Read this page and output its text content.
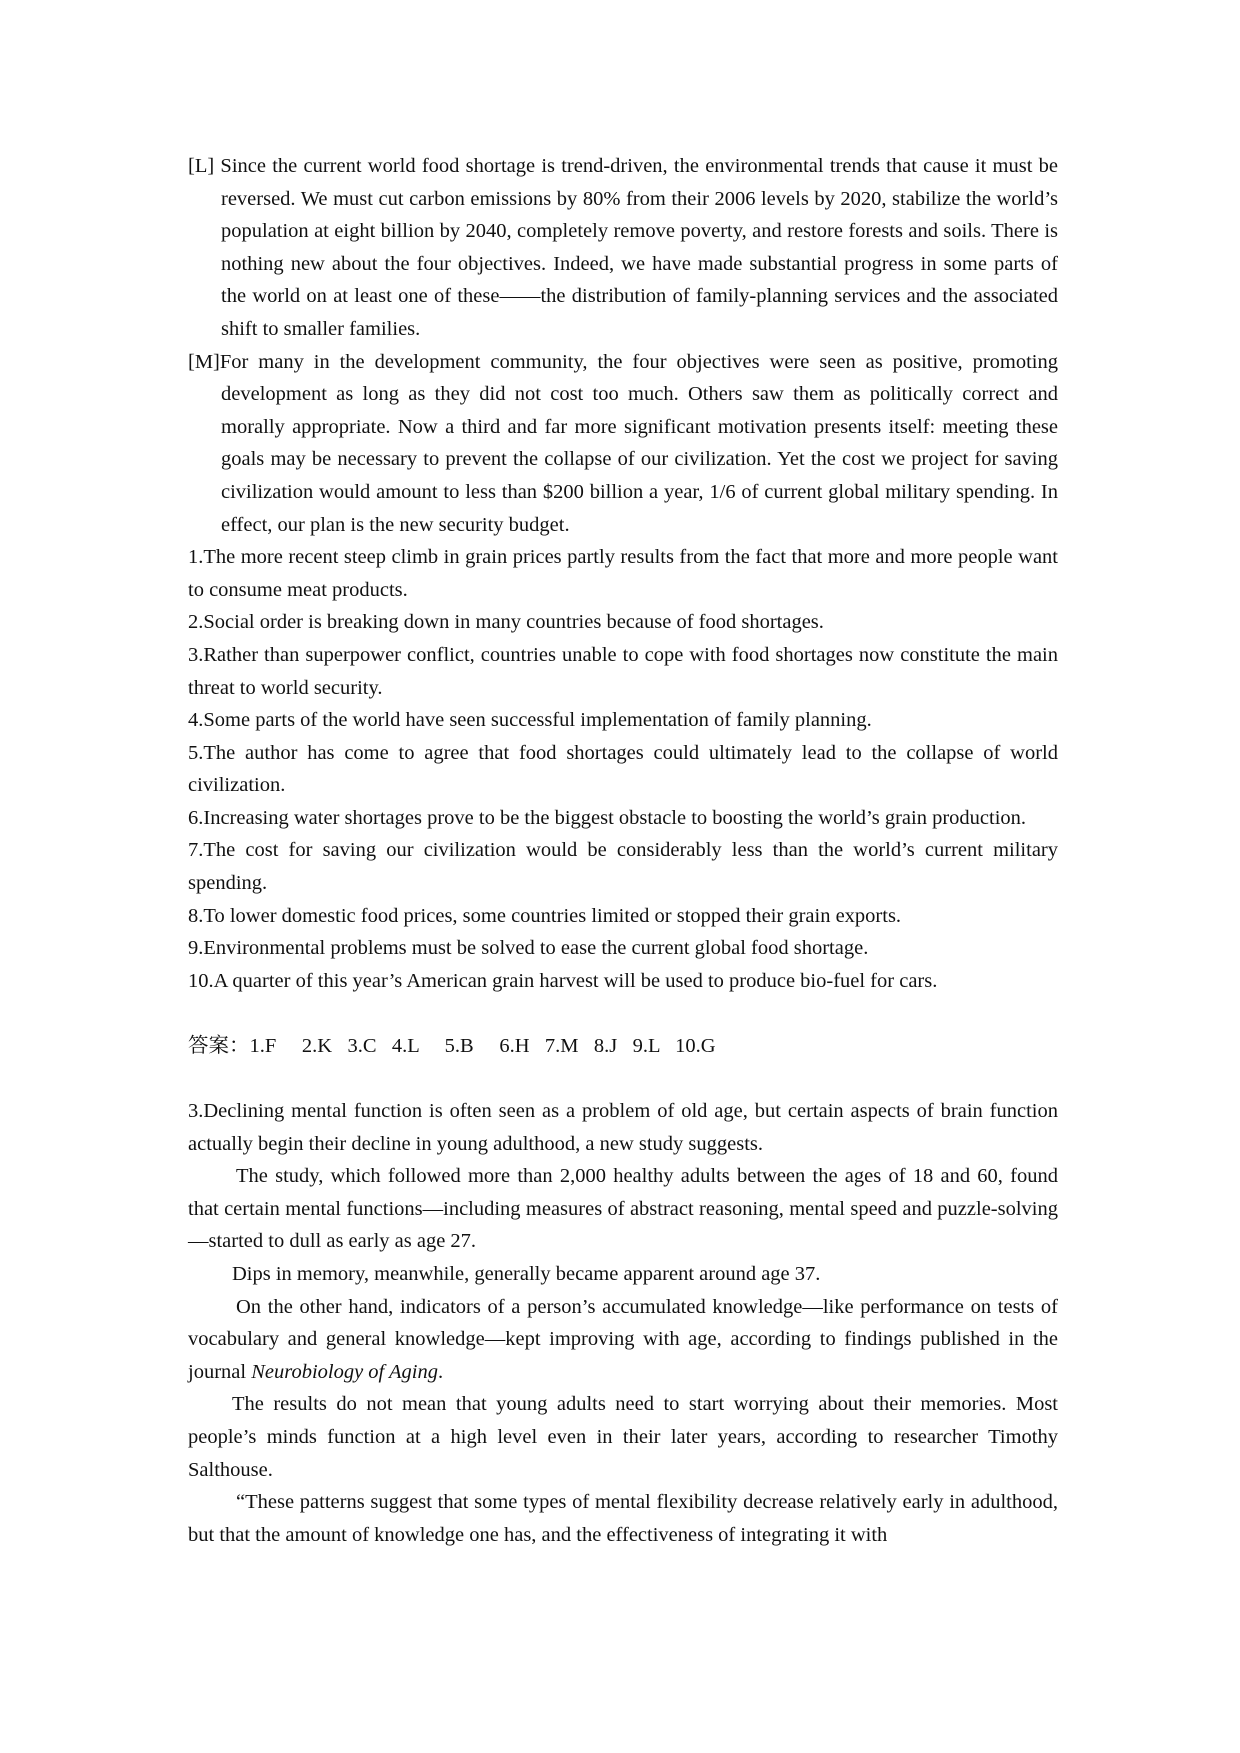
[L] Since the current world food shortage is trend-driven, the environmental trends that cause it must be reversed. We must cut carbon emissions by 80% from their 2006 levels by 2020, stabilize the world’s population at eight billion by 2040, completely remove poverty, and restore forests and soils. There is nothing new about the four objectives. Indeed, we have made substantial progress in some parts of the world on at least one of these——the distribution of family-planning services and the associated shift to smaller families.

[M]For many in the development community, the four objectives were seen as positive, promoting development as long as they did not cost too much. Others saw them as politically correct and morally appropriate. Now a third and far more significant motivation presents itself: meeting these goals may be necessary to prevent the collapse of our civilization. Yet the cost we project for saving civilization would amount to less than $200 billion a year, 1/6 of current global military spending. In effect, our plan is the new security budget.

1.The more recent steep climb in grain prices partly results from the fact that more and more people want to consume meat products.

2.Social order is breaking down in many countries because of food shortages.

3.Rather than superpower conflict, countries unable to cope with food shortages now constitute the main threat to world security.

4.Some parts of the world have seen successful implementation of family planning.

5.The author has come to agree that food shortages could ultimately lead to the collapse of world civilization.

6.Increasing water shortages prove to be the biggest obstacle to boosting the world’s grain production.

7.The cost for saving our civilization would be considerably less than the world’s current military spending.

8.To lower domestic food prices, some countries limited or stopped their grain exports.

9.Environmental problems must be solved to ease the current global food shortage.

10.A quarter of this year’s American grain harvest will be used to produce bio-fuel for cars.

答案：1.F 2.K 3.C 4.L 5.B 6.H 7.M 8.J 9.L 10.G

3.Declining mental function is often seen as a problem of old age, but certain aspects of brain function actually begin their decline in young adulthood, a new study suggests.

The study, which followed more than 2,000 healthy adults between the ages of 18 and 60, found that certain mental functions—including measures of abstract reasoning, mental speed and puzzle-solving—started to dull as early as age 27.

Dips in memory, meanwhile, generally became apparent around age 37.

On the other hand, indicators of a person’s accumulated knowledge—like performance on tests of vocabulary and general knowledge—kept improving with age, according to findings published in the journal Neurobiology of Aging.

The results do not mean that young adults need to start worrying about their memories. Most people’s minds function at a high level even in their later years, according to researcher Timothy Salthouse.

“These patterns suggest that some types of mental flexibility decrease relatively early in adulthood, but that the amount of knowledge one has, and the effectiveness of integrating it with
